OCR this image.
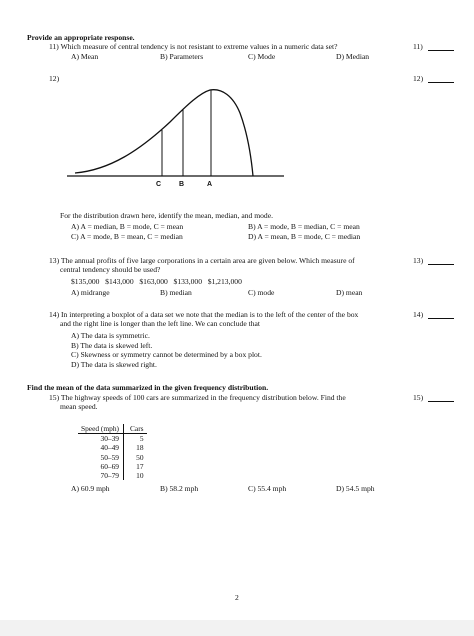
Provide an appropriate response.
11) Which measure of central tendency is not resistant to extreme values in a numeric data set?	11)
A) Mean	B) Parameters	C) Mode	D) Median
12)	12)
C	B	A
For the distribution drawn here, identify the mean, median, and mode.
A) A = median, B = mode, C = mean	B) A = mode, B = median, C = mean
C) A = mode, B = mean, C = median	D) A = mean, B = mode, C = median
13) The annual profits of five large corporations in a certain area are given below. Which measure of
central tendency should be used?
13)
$135,000   $143,000   $163,000   $133,000   $1,213,000
A) midrange	B) median	C) mode	D) mean
14) In interpreting a boxplot of a data set we note that the median is to the left of the center of the box
and the right line is longer than the left line. We can conclude that
14)
A) The data is symmetric.
B) The data is skewed left.
C) Skewness or symmetry cannot be determined by a box plot.
D) The data is skewed right.
Find the mean of the data summarized in the given frequency distribution.
15) The highway speeds of 100 cars are summarized in the frequency distribution below. Find the
mean speed.
15)
Speed (mph)	Cars
30–39	5
40–49	18
50–59	50
60–69	17
70–79	10
A) 60.9 mph	B) 58.2 mph	C) 55.4 mph	D) 54.5 mph
2
